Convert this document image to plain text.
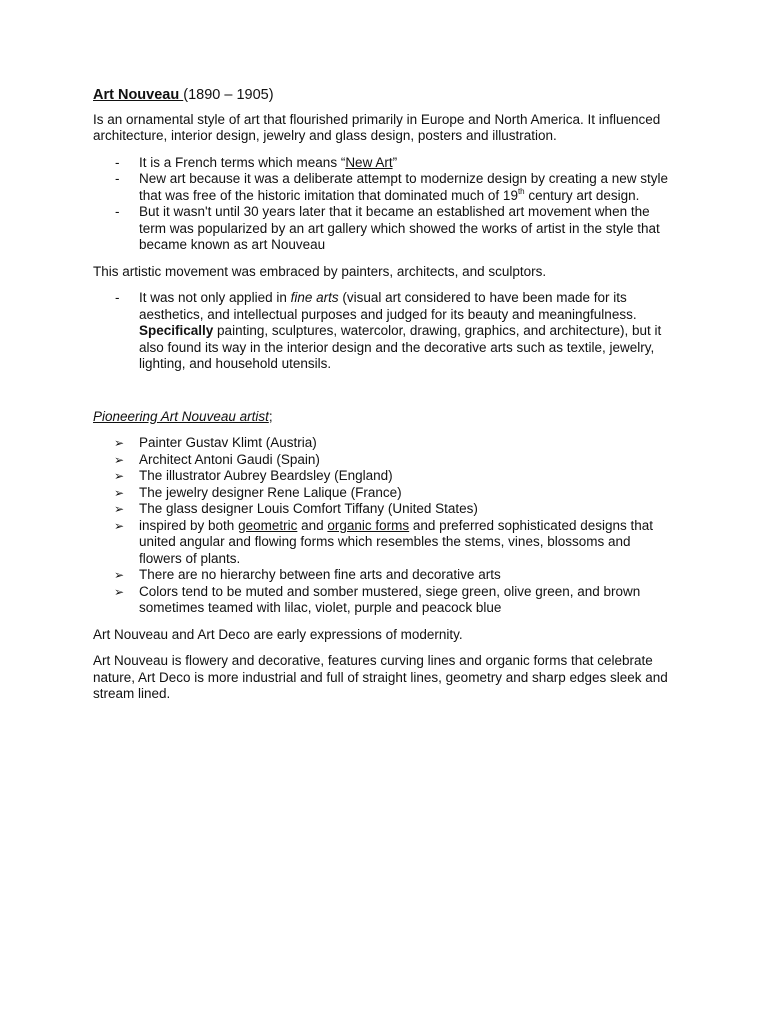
Art Nouveau (1890 – 1905)

Is an ornamental style of art that flourished primarily in Europe and North America. It influenced architecture, interior design, jewelry and glass design, posters and illustration.

- It is a French terms which means “New Art”
- New art because it was a deliberate attempt to modernize design by creating a new style that was free of the historic imitation that dominated much of 19th century art design.
- But it wasn't until 30 years later that it became an established art movement when the term was popularized by an art gallery which showed the works of artist in the style that became known as art Nouveau

This artistic movement was embraced by painters, architects, and sculptors.

- It was not only applied in fine arts (visual art considered to have been made for its aesthetics, and intellectual purposes and judged for its beauty and meaningfulness. Specifically painting, sculptures, watercolor, drawing, graphics, and architecture), but it also found its way in the interior design and the decorative arts such as textile, jewelry, lighting, and household utensils.

Pioneering Art Nouveau artist;

➢ Painter Gustav Klimt (Austria)
➢ Architect Antoni Gaudi (Spain)
➢ The illustrator Aubrey Beardsley (England)
➢ The jewelry designer Rene Lalique (France)
➢ The glass designer Louis Comfort Tiffany (United States)
➢ inspired by both geometric and organic forms and preferred sophisticated designs that united angular and flowing forms which resembles the stems, vines, blossoms and flowers of plants.
➢ There are no hierarchy between fine arts and decorative arts
➢ Colors tend to be muted and somber mustered, siege green, olive green, and brown sometimes teamed with lilac, violet, purple and peacock blue

Art Nouveau and Art Deco are early expressions of modernity.

Art Nouveau is flowery and decorative, features curving lines and organic forms that celebrate nature, Art Deco is more industrial and full of straight lines, geometry and sharp edges sleek and stream lined.
